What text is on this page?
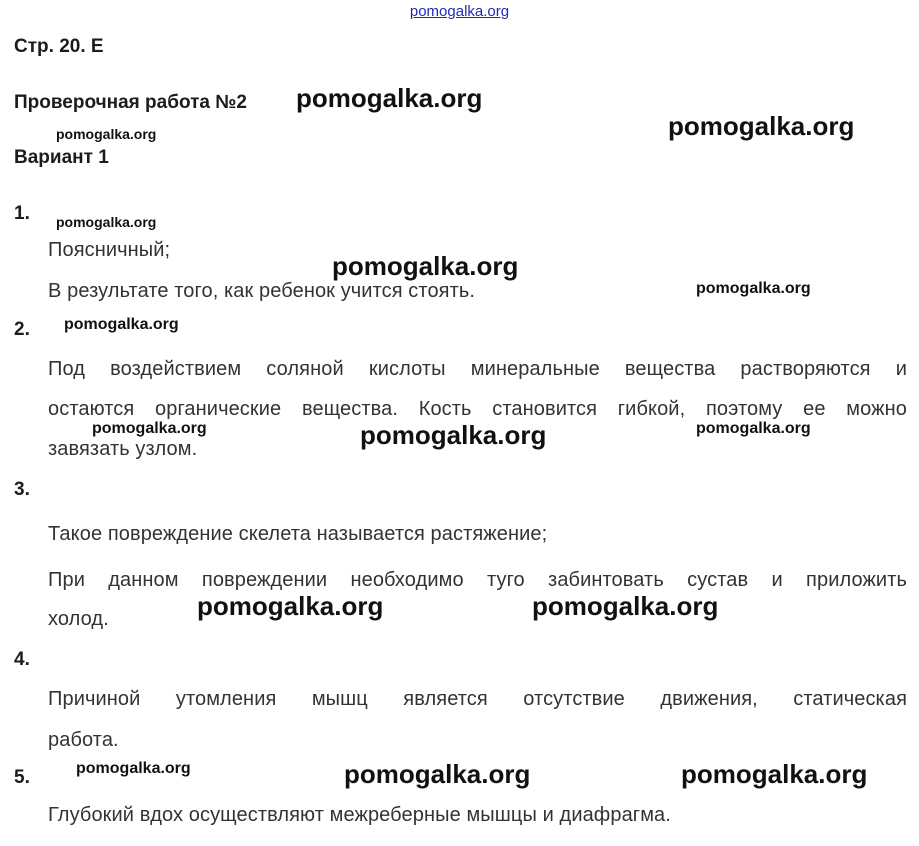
pomogalka.org
Стр. 20. Е
Проверочная работа №2
Вариант 1
1.
Поясничный;
В результате того, как ребенок учится стоять.
2.
Под воздействием соляной кислоты минеральные вещества растворяются и
остаются органические вещества. Кость становится гибкой, поэтому ее можно
завязать узлом.
3.
Такое повреждение скелета называется растяжение;
При данном повреждении необходимо туго забинтовать сустав и приложить
холод.
4.
Причиной утомления мышц является отсутствие движения, статическая
работа.
5.
Глубокий вдох осуществляют межреберные мышцы и диафрагма.
pomogalka.org
pomogalka.org
pomogalka.org
pomogalka.org
pomogalka.org	pomogalka.org
pomogalka.org	pomogalka.org
pomogalka.org
pomogalka.org
pomogalka.org
pomogalka.org
pomogalka.org	pomogalka.org
pomogalka.org
